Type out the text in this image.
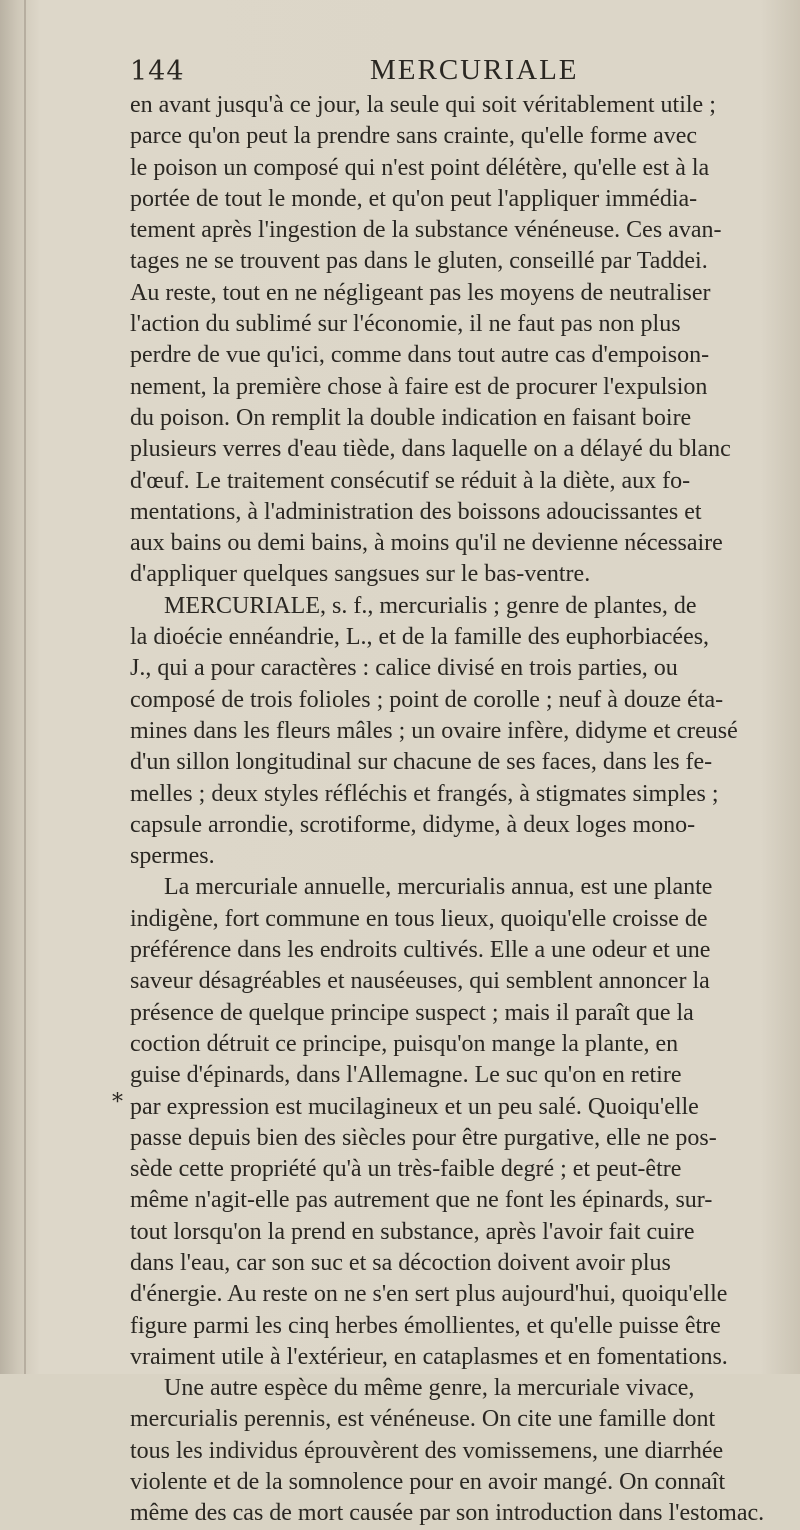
144	MERCURIALE
en avant jusqu'à ce jour, la seule qui soit véritablement utile ;
parce qu'on peut la prendre sans crainte, qu'elle forme avec
le poison un composé qui n'est point délétère, qu'elle est à la
portée de tout le monde, et qu'on peut l'appliquer immédia-
tement après l'ingestion de la substance vénéneuse. Ces avan-
tages ne se trouvent pas dans le gluten, conseillé par Taddei.
Au reste, tout en ne négligeant pas les moyens de neutraliser
l'action du sublimé sur l'économie, il ne faut pas non plus
perdre de vue qu'ici, comme dans tout autre cas d'empoison-
nement, la première chose à faire est de procurer l'expulsion
du poison. On remplit la double indication en faisant boire
plusieurs verres d'eau tiède, dans laquelle on a délayé du blanc
d'œuf. Le traitement consécutif se réduit à la diète, aux fo-
mentations, à l'administration des boissons adoucissantes et
aux bains ou demi bains, à moins qu'il ne devienne nécessaire
d'appliquer quelques sangsues sur le bas-ventre.
MERCURIALE, s. f., mercurialis ; genre de plantes, de
la dioécie ennéandrie, L., et de la famille des euphorbiacées,
J., qui a pour caractères : calice divisé en trois parties, ou
composé de trois folioles ; point de corolle ; neuf à douze éta-
mines dans les fleurs mâles ; un ovaire infère, didyme et creusé
d'un sillon longitudinal sur chacune de ses faces, dans les fe-
melles ; deux styles réfléchis et frangés, à stigmates simples ;
capsule arrondie, scrotiforme, didyme, à deux loges mono-
spermes.
La mercuriale annuelle, mercurialis annua, est une plante
indigène, fort commune en tous lieux, quoiqu'elle croisse de
préférence dans les endroits cultivés. Elle a une odeur et une
saveur désagréables et nauséeuses, qui semblent annoncer la
présence de quelque principe suspect ; mais il paraît que la
coction détruit ce principe, puisqu'on mange la plante, en
guise d'épinards, dans l'Allemagne. Le suc qu'on en retire
par expression est mucilagineux et un peu salé. Quoiqu'elle
passe depuis bien des siècles pour être purgative, elle ne pos-
sède cette propriété qu'à un très-faible degré ; et peut-être
même n'agit-elle pas autrement que ne font les épinards, sur-
tout lorsqu'on la prend en substance, après l'avoir fait cuire
dans l'eau, car son suc et sa décoction doivent avoir plus
d'énergie. Au reste on ne s'en sert plus aujourd'hui, quoiqu'elle
figure parmi les cinq herbes émollientes, et qu'elle puisse être
vraiment utile à l'extérieur, en cataplasmes et en fomentations.
Une autre espèce du même genre, la mercuriale vivace,
mercurialis perennis, est vénéneuse. On cite une famille dont
tous les individus éprouvèrent des vomissemens, une diarrhée
violente et de la somnolence pour en avoir mangé. On connaît
même des cas de mort causée par son introduction dans l'estomac.
*
